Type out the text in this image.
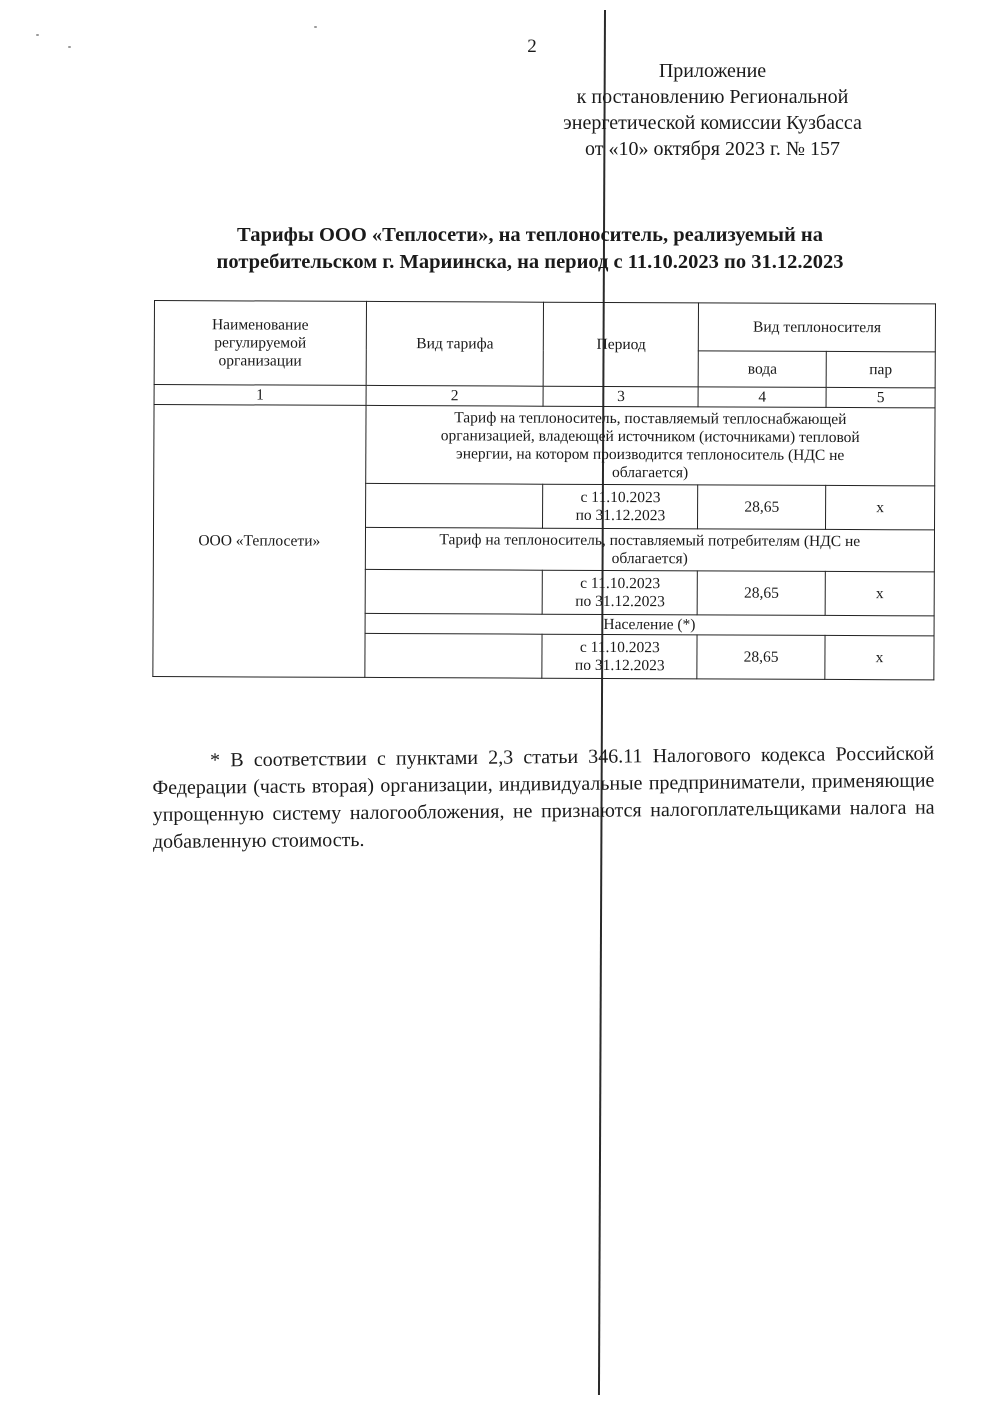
2
Приложение
к постановлению Региональной
энергетической комиссии Кузбасса
от «10» октября 2023 г. № 157
Тарифы ООО «Теплосети», на теплоноситель, реализуемый на
потребительском г. Мариинска, на период с 11.10.2023 по 31.12.2023
Наименование
регулируемой
организации	Вид тарифа	Период	Вид теплоносителя	
			вода	пар
1	2	3	4	5
ООО «Теплосети»	Тариф на теплоноситель, поставляемый теплоснабжающей
организацией, владеющей источником (источниками) тепловой
энергии, на котором производится теплоноситель (НДС не
облагается)			

		с 11.10.2023
по 31.12.2023	28,65	х

	Тариф на теплоноситель, поставляемый потребителям (НДС не
облагается)			

		с 11.10.2023
по 31.12.2023	28,65	х
	Население (*)			

		с 11.10.2023
по 31.12.2023	28,65	х
* В соответствии с пунктами 2,3 статьи 346.11 Налогового кодекса Российской Федерации (часть вторая) организации, индивидуальные предприниматели, применяющие упрощенную систему налогообложения, не признаются налогоплательщиками налога на добавленную стоимость.
